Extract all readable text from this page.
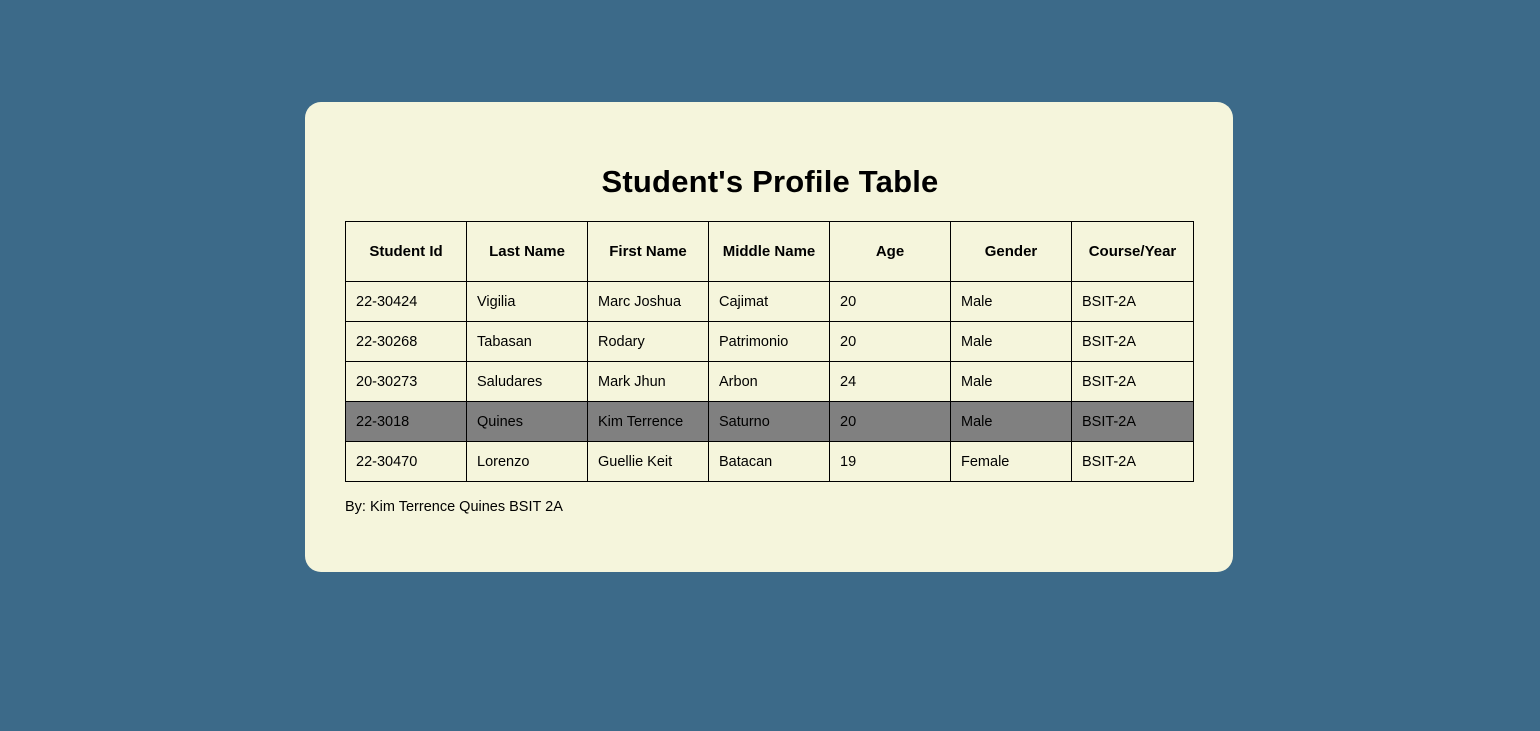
Student's Profile Table
Student Id	Last Name	First Name	Middle Name	Age	Gender	Course/Year
22-30424	Vigilia	Marc Joshua	Cajimat	20	Male	BSIT-2A
22-30268	Tabasan	Rodary	Patrimonio	20	Male	BSIT-2A
20-30273	Saludares	Mark Jhun	Arbon	24	Male	BSIT-2A
22-3018	Quines	Kim Terrence	Saturno	20	Male	BSIT-2A
22-30470	Lorenzo	Guellie Keit	Batacan	19	Female	BSIT-2A
By: Kim Terrence Quines BSIT 2A
